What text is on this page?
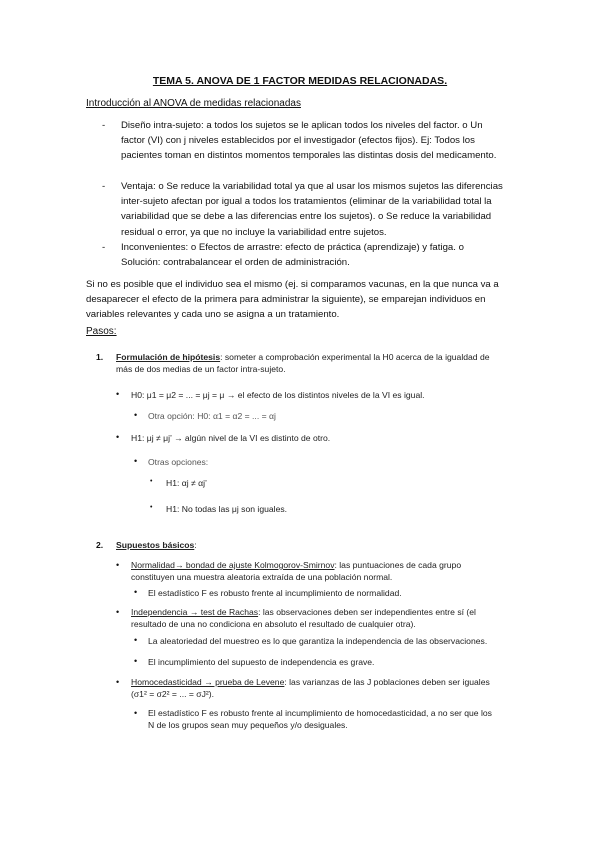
TEMA 5. ANOVA DE 1 FACTOR MEDIDAS RELACIONADAS.
Introducción al ANOVA de medidas relacionadas
- Diseño intra-sujeto: a todos los sujetos se le aplican todos los niveles del factor. o Un factor (VI) con j niveles establecidos por el investigador (efectos fijos). Ej: Todos los pacientes toman en distintos momentos temporales las distintas dosis del medicamento.
- Ventaja: o Se reduce la variabilidad total ya que al usar los mismos sujetos las diferencias inter-sujeto afectan por igual a todos los tratamientos (eliminar de la variabilidad total la variabilidad que se debe a las diferencias entre los sujetos). o Se reduce la variabilidad residual o error, ya que no incluye la variabilidad entre sujetos.
- Inconvenientes: o Efectos de arrastre: efecto de práctica (aprendizaje) y fatiga. o Solución: contrabalancear el orden de administración.

Si no es posible que el individuo sea el mismo (ej. si comparamos vacunas, en la que nunca va a desaparecer el efecto de la primera para administrar la siguiente), se emparejan individuos en variables relevantes y cada uno se asigna a un tratamiento.

Pasos:
1. Formulación de hipótesis: someter a comprobación experimental la H0 acerca de la igualdad de
más de dos medias de un factor intra-sujeto.
• H0: μ1 = μ2 = ... = μj = μ → el efecto de los distintos niveles de la VI es igual.
• Otra opción: H0: α1 = α2 = ... = αj
• H1: μj ≠ μj’ → algún nivel de la VI es distinto de otro.
• Otras opciones:
• H1: αj ≠ αj’
• H1: No todas las μj son iguales.
2. Supuestos básicos:
• Normalidad→ bondad de ajuste Kolmogorov-Smirnov: las puntuaciones de cada grupo
constituyen una muestra aleatoria extraída de una población normal.
• El estadístico F es robusto frente al incumplimiento de normalidad.
• Independencia → test de Rachas: las observaciones deben ser independientes entre sí (el
resultado de una no condiciona en absoluto el resultado de cualquier otra).
• La aleatoriedad del muestreo es lo que garantiza la independencia de las observaciones.
• El incumplimiento del supuesto de independencia es grave.
• Homocedasticidad → prueba de Levene: las varianzas de las J poblaciones deben ser iguales
(σ1² = σ2² = ... = σJ²).
• El estadístico F es robusto frente al incumplimiento de homocedasticidad, a no ser que los
N de los grupos sean muy pequeños y/o desiguales.
